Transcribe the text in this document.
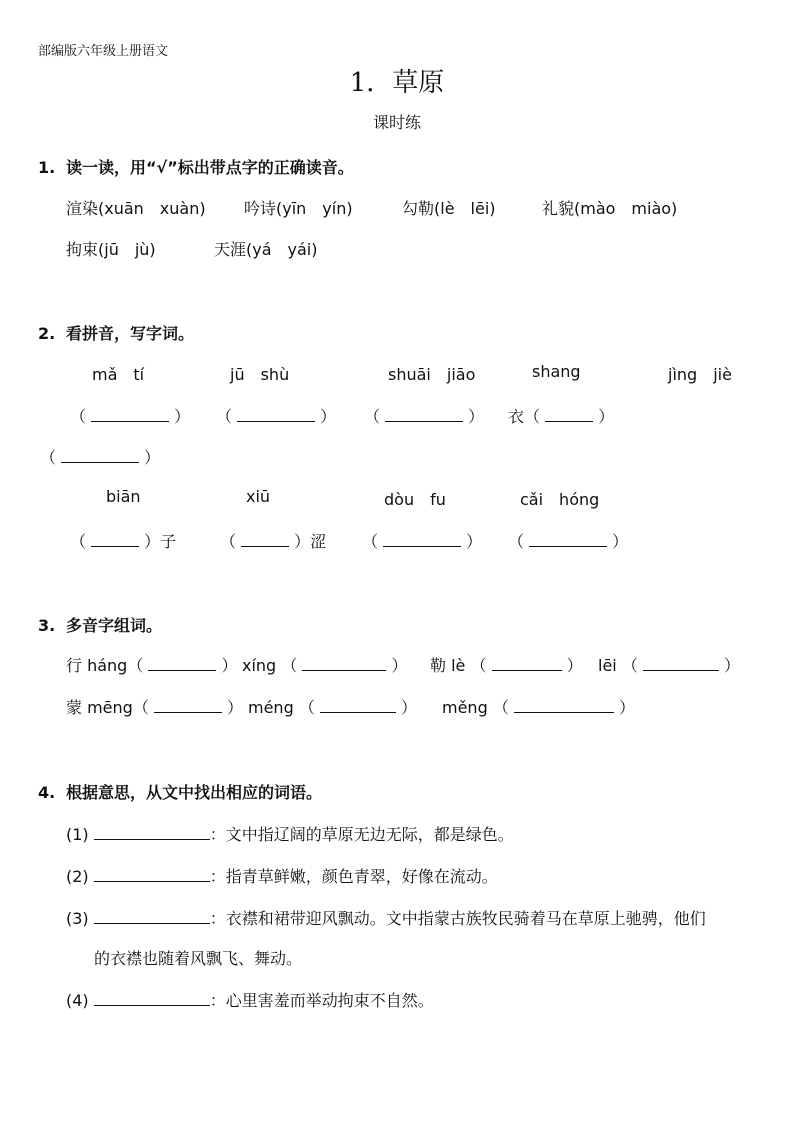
部编版六年级上册语文
1．草原
课时练
1. 读一读，用“√”标出带点字的正确读音。
渲染(xuān　xuàn) 吟诗(yīn　yín)	勾勒(lè　lēi)	礼貌(mào　miào)
拘束(jū　jù)	天涯(yá　yái)
2. 看拼音，写字词。
mǎ　tí	jū　shù	shuāi　jiāo	shang	jìng　jiè
（	） （	） （	） 衣（	）
（	）
biān	xiū	dòu　fu	cǎi　hóng
（	）子	（	）涩 （	） （	）
3. 多音字组词。
行 háng（	） xíng （	） 勒 lè （	） lēi （	）
蒙 mēng（	） méng （	） měng （	）
4. 根据意思，从文中找出相应的词语。
(1)	：文中指辽阔的草原无边无际，都是绿色。
(2)	：指青草鲜嫩，颜色青翠，好像在流动。
(3)	：衣襟和裙带迎风飘动。文中指蒙古族牧民骑着马在草原上驰骋，他们
的衣襟也随着风飘飞、舞动。
(4)	：心里害羞而举动拘束不自然。
